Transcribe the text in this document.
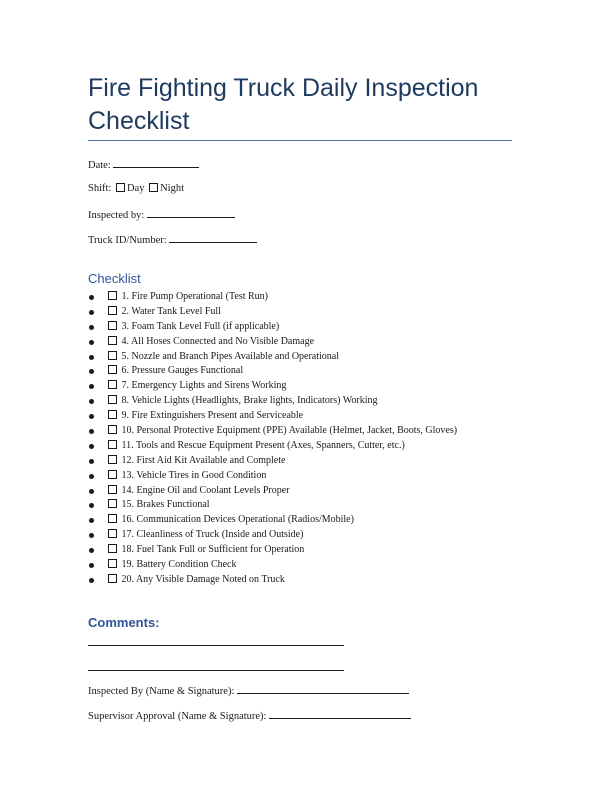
Fire Fighting Truck Daily Inspection Checklist
Date:
Shift: Day Night
Inspected by:
Truck ID/Number:
Checklist
1. Fire Pump Operational (Test Run)
2. Water Tank Level Full
3. Foam Tank Level Full (if applicable)
4. All Hoses Connected and No Visible Damage
5. Nozzle and Branch Pipes Available and Operational
6. Pressure Gauges Functional
7. Emergency Lights and Sirens Working
8. Vehicle Lights (Headlights, Brake lights, Indicators) Working
9. Fire Extinguishers Present and Serviceable
10. Personal Protective Equipment (PPE) Available (Helmet, Jacket, Boots, Gloves)
11. Tools and Rescue Equipment Present (Axes, Spanners, Cutter, etc.)
12. First Aid Kit Available and Complete
13. Vehicle Tires in Good Condition
14. Engine Oil and Coolant Levels Proper
15. Brakes Functional
16. Communication Devices Operational (Radios/Mobile)
17. Cleanliness of Truck (Inside and Outside)
18. Fuel Tank Full or Sufficient for Operation
19. Battery Condition Check
20. Any Visible Damage Noted on Truck
Comments:
Inspected By (Name & Signature):
Supervisor Approval (Name & Signature):
